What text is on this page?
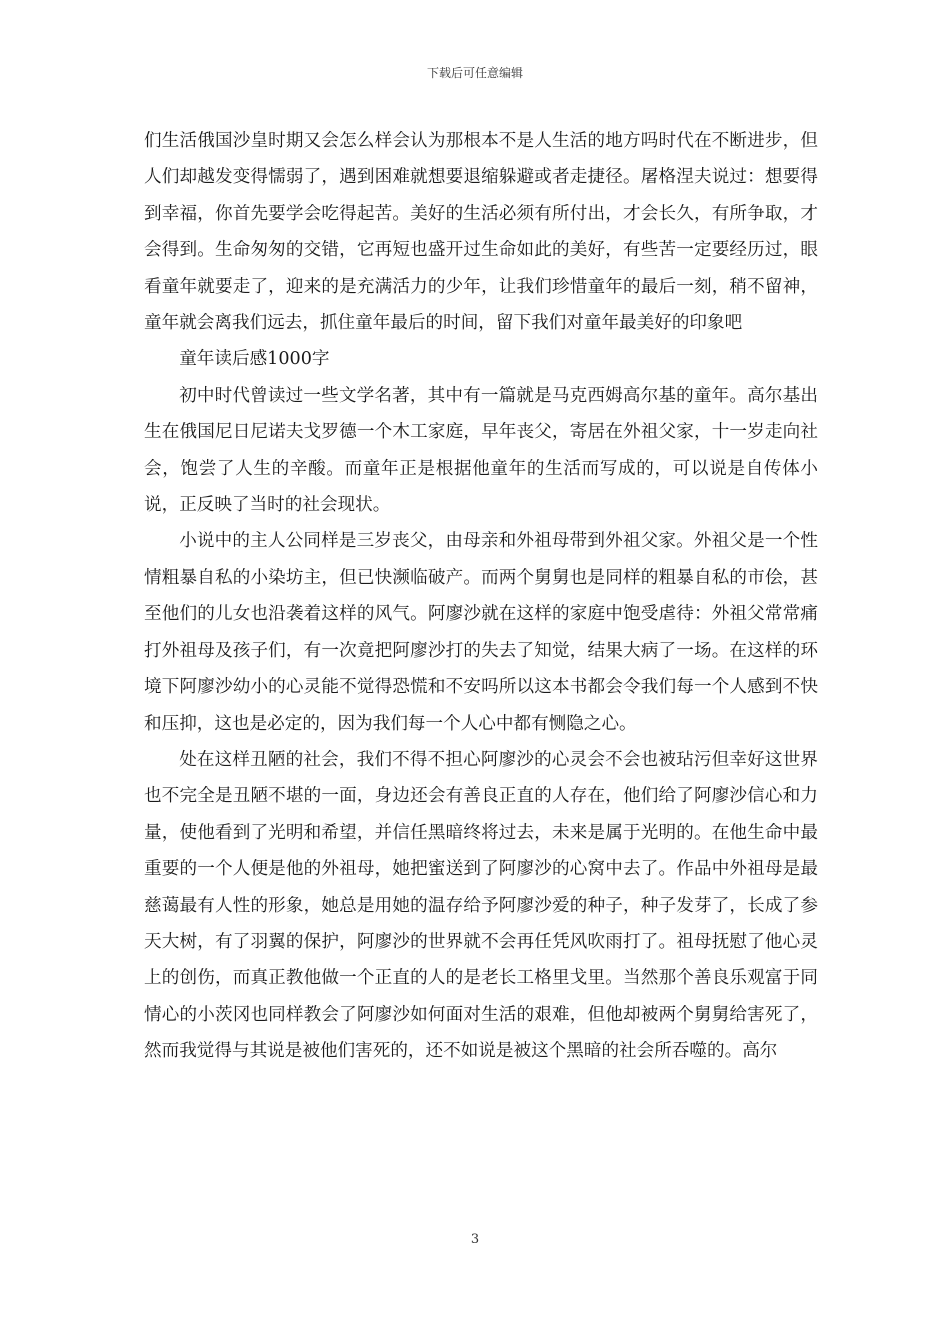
下载后可任意编辑

们生活俄国沙皇时期又会怎么样会认为那根本不是人生活的地方吗时代在不断进步，但人们却越发变得懦弱了，遇到困难就想要退缩躲避或者走捷径。屠格涅夫说过：想要得到幸福，你首先要学会吃得起苦。美好的生活必须有所付出，才会长久，有所争取，才会得到。生命匆匆的交错，它再短也盛开过生命如此的美好，有些苦一定要经历过，眼看童年就要走了，迎来的是充满活力的少年，让我们珍惜童年的最后一刻，稍不留神，童年就会离我们远去，抓住童年最后的时间，留下我们对童年最美好的印象吧

童年读后感1000字

初中时代曾读过一些文学名著，其中有一篇就是马克西姆高尔基的童年。高尔基出生在俄国尼日尼诺夫戈罗德一个木工家庭，早年丧父，寄居在外祖父家，十一岁走向社会，饱尝了人生的辛酸。而童年正是根据他童年的生活而写成的，可以说是自传体小说，正反映了当时的社会现状。

小说中的主人公同样是三岁丧父，由母亲和外祖母带到外祖父家。外祖父是一个性情粗暴自私的小染坊主，但已快濒临破产。而两个舅舅也是同样的粗暴自私的市侩，甚至他们的儿女也沿袭着这样的风气。阿廖沙就在这样的家庭中饱受虐待：外祖父常常痛打外祖母及孩子们，有一次竟把阿廖沙打的失去了知觉，结果大病了一场。在这样的环境下阿廖沙幼小的心灵能不觉得恐慌和不安吗所以这本书都会令我们每一个人感到不快和压抑，这也是必定的，因为我们每一个人心中都有恻隐之心。

处在这样丑陋的社会，我们不得不担心阿廖沙的心灵会不会也被玷污但幸好这世界也不完全是丑陋不堪的一面，身边还会有善良正直的人存在，他们给了阿廖沙信心和力量，使他看到了光明和希望，并信任黑暗终将过去，未来是属于光明的。在他生命中最重要的一个人便是他的外祖母，她把蜜送到了阿廖沙的心窝中去了。作品中外祖母是最慈蔼最有人性的形象，她总是用她的温存给予阿廖沙爱的种子，种子发芽了，长成了参天大树，有了羽翼的保护，阿廖沙的世界就不会再任凭风吹雨打了。祖母抚慰了他心灵上的创伤，而真正教他做一个正直的人的是老长工格里戈里。当然那个善良乐观富于同情心的小茨冈也同样教会了阿廖沙如何面对生活的艰难，但他却被两个舅舅给害死了，然而我觉得与其说是被他们害死的，还不如说是被这个黑暗的社会所吞噬的。高尔

3
